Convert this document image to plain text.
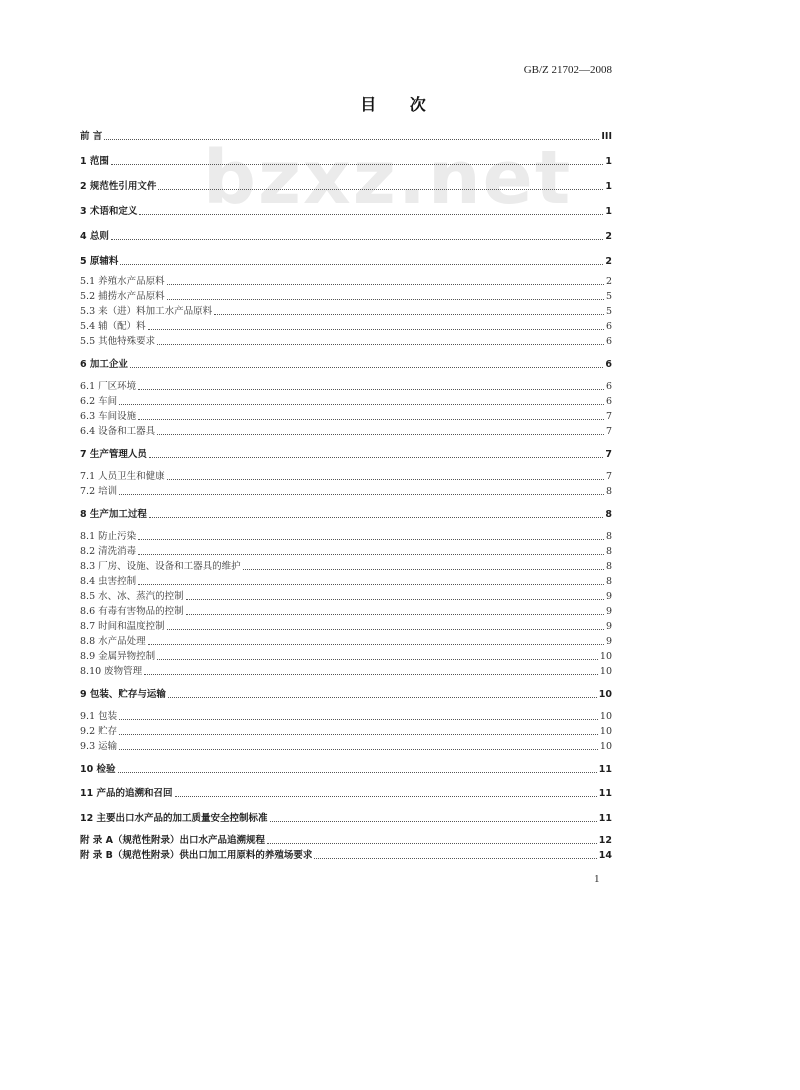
GB/Z 21702—2008
目 次
bzxz.net
前 言	III
1 范围	1
2 规范性引用文件	1
3 术语和定义	1
4 总则	2
5 原辅料	2
5.1 养殖水产品原料	2
5.2 捕捞水产品原料	5
5.3 来（进）料加工水产品原料	5
5.4 辅（配）料	6
5.5 其他特殊要求	6
6 加工企业	6
6.1 厂区环境	6
6.2 车间	6
6.3 车间设施	7
6.4 设备和工器具	7
7 生产管理人员	7
7.1 人员卫生和健康	7
7.2 培训	8
8 生产加工过程	8
8.1 防止污染	8
8.2 清洗消毒	8
8.3 厂房、设施、设备和工器具的维护	8
8.4 虫害控制	8
8.5 水、冰、蒸汽的控制	9
8.6 有毒有害物品的控制	9
8.7 时间和温度控制	9
8.8 水产品处理	9
8.9 金属异物控制	10
8.10 废物管理	10
9 包装、贮存与运输	10
9.1 包装	10
9.2 贮存	10
9.3 运输	10
10 检验	11
11 产品的追溯和召回	11
12 主要出口水产品的加工质量安全控制标准	11
附 录 A（规范性附录）出口水产品追溯规程	12
附 录 B（规范性附录）供出口加工用原料的养殖场要求	14
1
